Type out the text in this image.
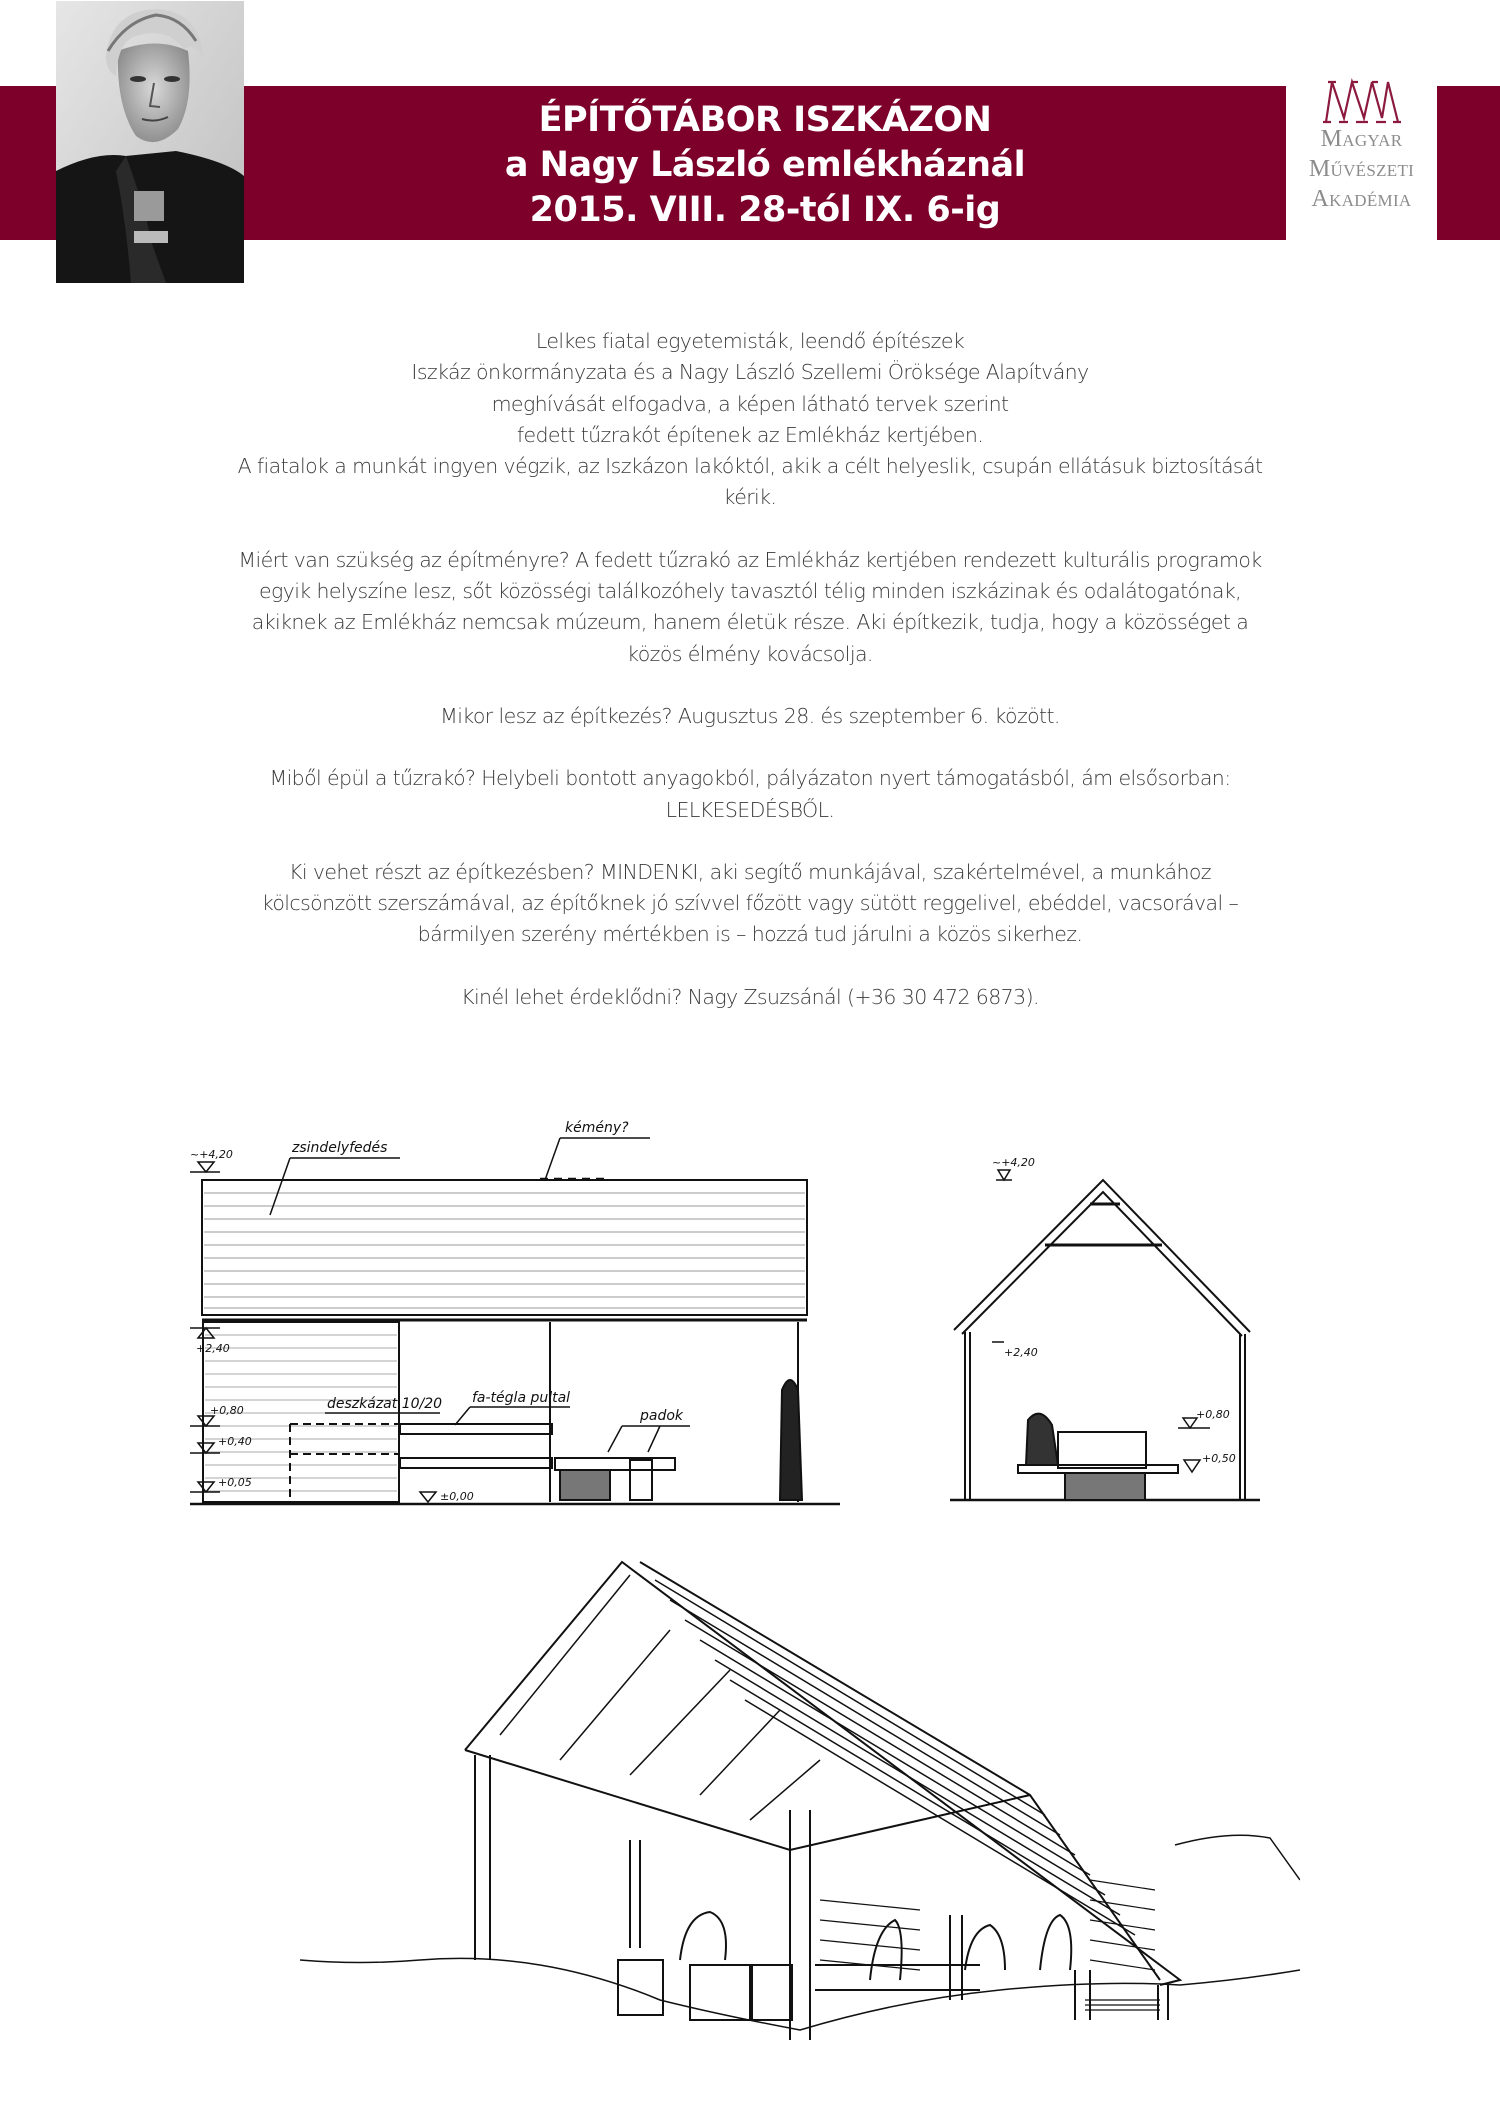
ÉPÍTŐTÁBOR ISZKÁZON
a Nagy László emlékháznál
2015. VIII. 28-tól IX. 6-ig
Magyar
Művészeti
Akadémia

Lelkes fiatal egyetemisták, leendő építészek
Iszkáz önkormányzata és a Nagy László Szellemi Öröksége Alapítvány
meghívását elfogadva, a képen látható tervek szerint
fedett tűzrakót építenek az Emlékház kertjében.
A fiatalok a munkát ingyen végzik, az Iszkázon lakóktól, akik a célt helyeslik, csupán ellátásuk biztosítását
kérik.

Miért van szükség az építményre? A fedett tűzrakó az Emlékház kertjében rendezett kulturális programok
egyik helyszíne lesz, sőt közösségi találkozóhely tavasztól télig minden iszkázinak és odalátogatónak,
akiknek az Emlékház nemcsak múzeum, hanem életük része. Aki építkezik, tudja, hogy a közösséget a
közös élmény kovácsolja.

Mikor lesz az építkezés? Augusztus 28. és szeptember 6. között.

Miből épül a tűzrakó? Helybeli bontott anyagokból, pályázaton nyert támogatásból, ám elsősorban:
LELKESEDÉSBŐL.

Ki vehet részt az építkezésben? MINDENKI, aki segítő munkájával, szakértelmével, a munkához
kölcsönzött szerszámával, az építőknek jó szívvel főzött vagy sütött reggelivel, ebéddel, vacsorával –
bármilyen szerény mértékben is – hozzá tud járulni a közös sikerhez.

Kinél lehet érdeklődni? Nagy Zsuzsánál (+36 30 472 6873).

zsindelyfedés
kémény?
deszkázat 10/20 fa-tégla pultal
padok
~+4,20
+2,40
+0,80
+0,40
+0,05
±0,00
~+4,20
+2,40
+0,80
+0,50
